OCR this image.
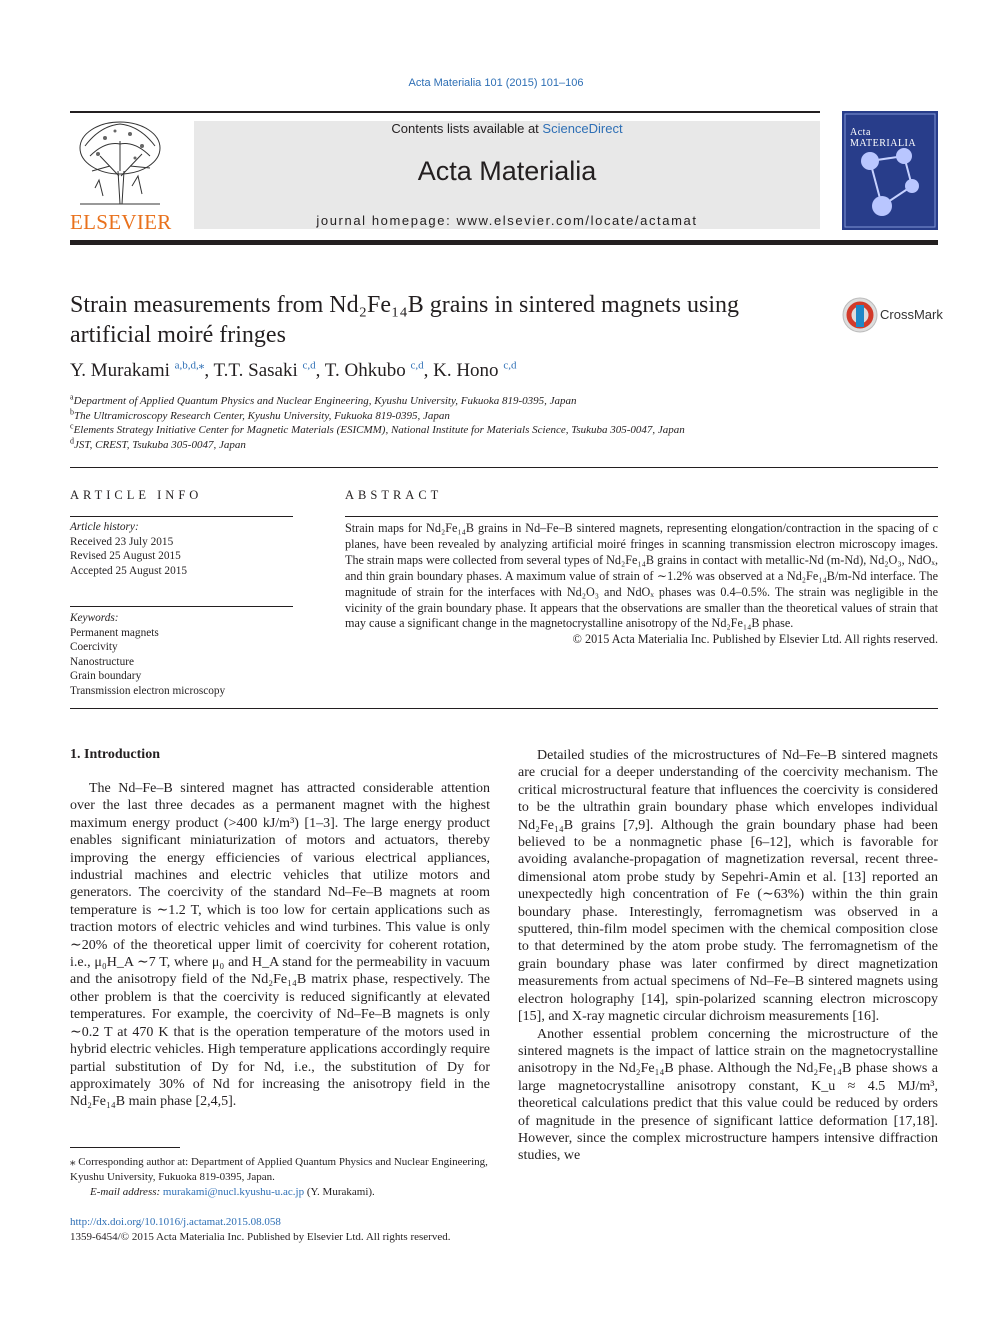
Acta Materialia 101 (2015) 101–106
ELSEVIER
Contents lists available at ScienceDirect
Acta Materialia
journal homepage: www.elsevier.com/locate/actamat
Acta MATERIALIA
Strain measurements from Nd₂Fe₁₄B grains in sintered magnets using
artificial moiré fringes
CrossMark
Y. Murakami $^{a,b,d,⁎}$, T.T. Sasaki $^{c,d}$, T. Ohkubo $^{c,d}$, K. Hono $^{c,d}$
$^a$Department of Applied Quantum Physics and Nuclear Engineering, Kyushu University, Fukuoka 819-0395, Japan
$^b$The Ultramicroscopy Research Center, Kyushu University, Fukuoka 819-0395, Japan
$^c$Elements Strategy Initiative Center for Magnetic Materials (ESICMM), National Institute for Materials Science, Tsukuba 305-0047, Japan
$^d$JST, CREST, Tsukuba 305-0047, Japan
ARTICLE INFO
Article history:
Received 23 July 2015
Revised 25 August 2015
Accepted 25 August 2015
Keywords:
Permanent magnets
Coercivity
Nanostructure
Grain boundary
Transmission electron microscopy
ABSTRACT
Strain maps for Nd₂Fe₁₄B grains in Nd–Fe–B sintered magnets, representing elongation/contraction in the spacing of c planes, have been revealed by analyzing artificial moiré fringes in scanning transmission electron microscopy images. The strain maps were collected from several types of Nd₂Fe₁₄B grains in contact with metallic-Nd (m-Nd), Nd₂O₃, NdOₓ, and thin grain boundary phases. A maximum value of strain of ∼1.2% was observed at a Nd₂Fe₁₄B/m-Nd interface. The magnitude of strain for the interfaces with Nd₂O₃ and NdOₓ phases was 0.4–0.5%. The strain was negligible in the vicinity of the grain boundary phase. It appears that the observations are smaller than the theoretical values of strain that may cause a significant change in the magnetocrystalline anisotropy of the Nd₂Fe₁₄B phase.
© 2015 Acta Materialia Inc. Published by Elsevier Ltd. All rights reserved.
1. Introduction

The Nd–Fe–B sintered magnet has attracted considerable attention over the last three decades as a permanent magnet with the highest maximum energy product (>400 kJ/m³) [1–3]. The large energy product enables significant miniaturization of motors and actuators, thereby improving the energy efficiencies of various electrical appliances, industrial machines and electric vehicles that utilize motors and generators. The coercivity of the standard Nd–Fe–B magnets at room temperature is ∼1.2 T, which is too low for certain applications such as traction motors of electric vehicles and wind turbines. This value is only ∼20% of the theoretical upper limit of coercivity for coherent rotation, i.e., μ₀H_A ∼7 T, where μ₀ and H_A stand for the permeability in vacuum and the anisotropy field of the Nd₂Fe₁₄B matrix phase, respectively. The other problem is that the coercivity is reduced significantly at elevated temperatures. For example, the coercivity of Nd–Fe–B magnets is only ∼0.2 T at 470 K that is the operation temperature of the motors used in hybrid electric vehicles. High temperature applications accordingly require partial substitution of Dy for Nd, i.e., the substitution of Dy for approximately 30% of Nd for increasing the anisotropy field in the Nd₂Fe₁₄B main phase [2,4,5].

Detailed studies of the microstructures of Nd–Fe–B sintered magnets are crucial for a deeper understanding of the coercivity mechanism. The critical microstructural feature that influences the coercivity is considered to be the ultrathin grain boundary phase which envelopes individual Nd₂Fe₁₄B grains [7,9]. Although the grain boundary phase had been believed to be a nonmagnetic phase [6–12], which is favorable for avoiding avalanche-propagation of magnetization reversal, recent three-dimensional atom probe study by Sepehri-Amin et al. [13] reported an unexpectedly high concentration of Fe (∼63%) within the thin grain boundary phase. Interestingly, ferromagnetism was observed in a sputtered, thin-film model specimen with the chemical composition close to that determined by the atom probe study. The ferromagnetism of the grain boundary phase was later confirmed by direct magnetization measurements from actual specimens of Nd–Fe–B sintered magnets using electron holography [14], spin-polarized scanning electron microscopy [15], and X-ray magnetic circular dichroism measurements [16].

Another essential problem concerning the microstructure of the sintered magnets is the impact of lattice strain on the magnetocrystalline anisotropy in the Nd₂Fe₁₄B phase. Although the Nd₂Fe₁₄B phase shows a large magnetocrystalline anisotropy constant, K_u ≈ 4.5 MJ/m³, theoretical calculations predict that this value could be reduced by orders of magnitude in the presence of significant lattice deformation [17,18]. However, since the complex microstructure hampers intensive diffraction studies, we

⁎ Corresponding author at: Department of Applied Quantum Physics and Nuclear Engineering, Kyushu University, Fukuoka 819-0395, Japan.
E-mail address: murakami@nucl.kyushu-u.ac.jp (Y. Murakami).
http://dx.doi.org/10.1016/j.actamat.2015.08.058
1359-6454/© 2015 Acta Materialia Inc. Published by Elsevier Ltd. All rights reserved.
